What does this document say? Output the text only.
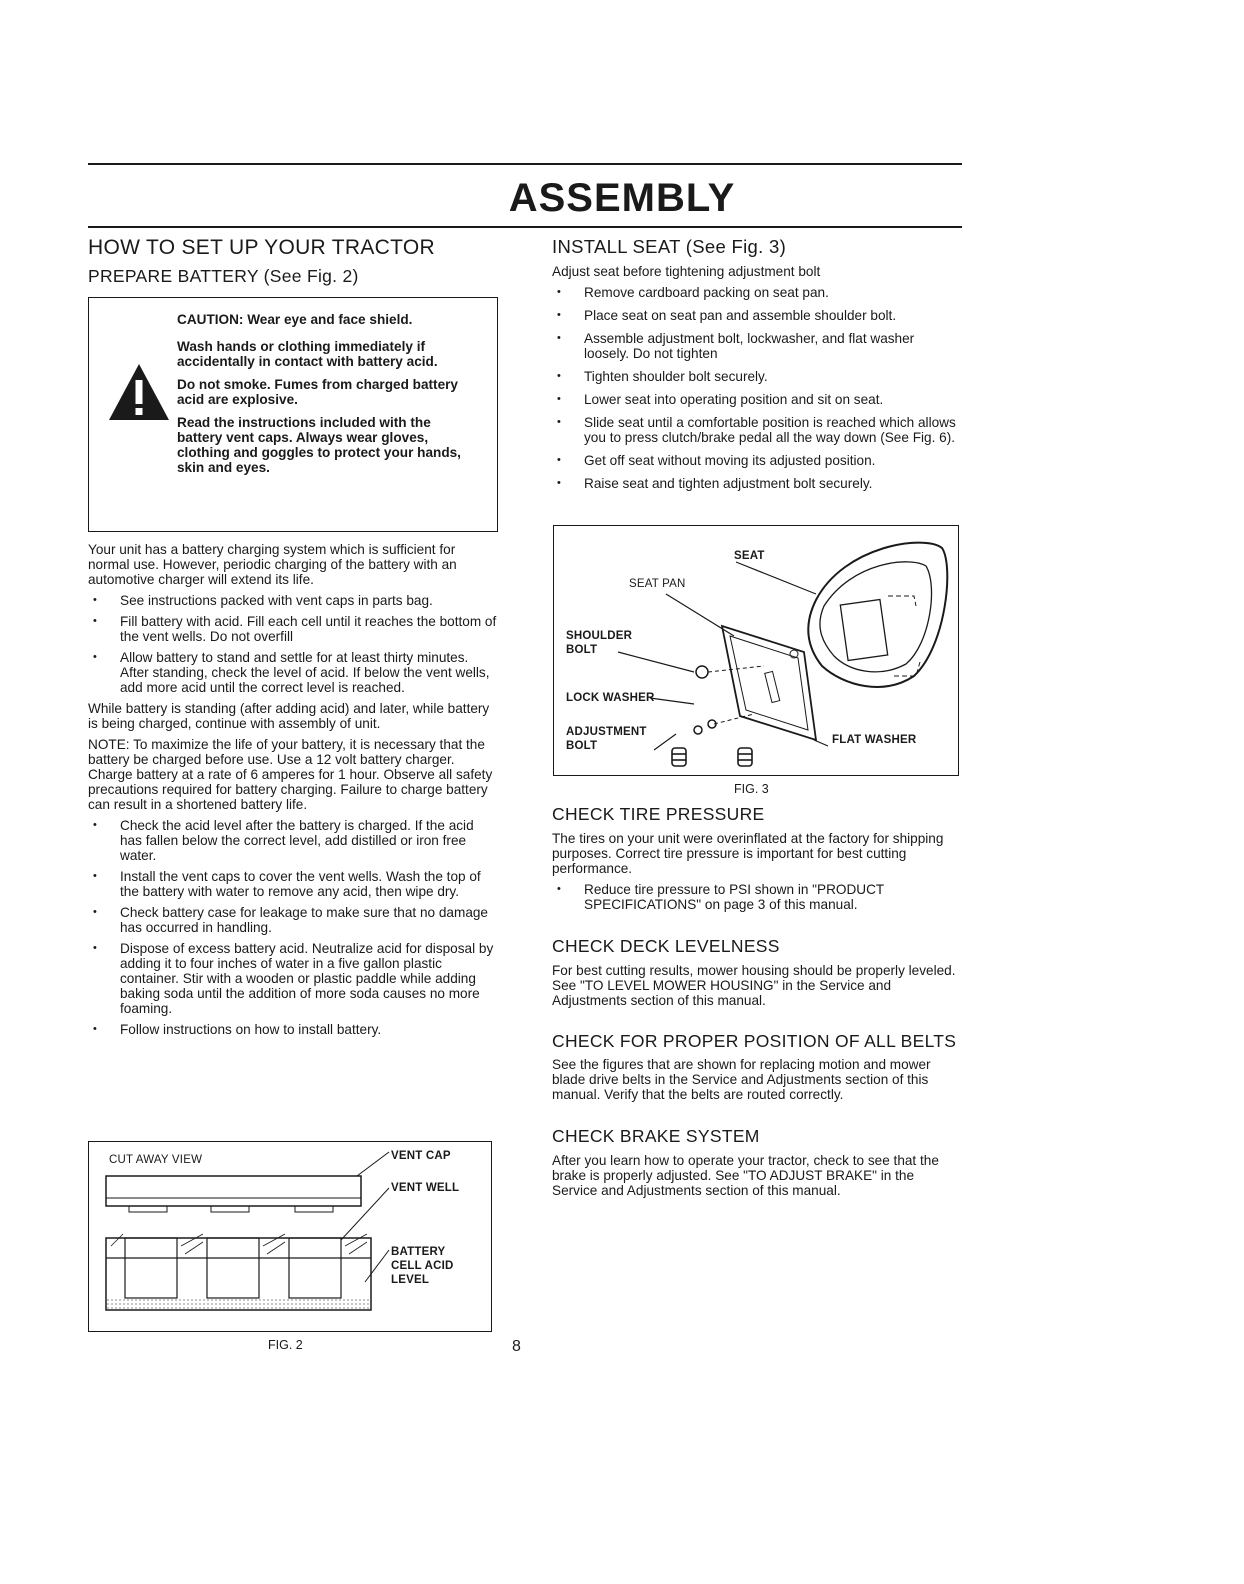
ASSEMBLY
HOW TO SET UP YOUR TRACTOR
PREPARE BATTERY (See Fig. 2)

CAUTION: Wear eye and face shield.

Wash hands or clothing immediately if accidentally in contact with battery acid.

Do not smoke. Fumes from charged battery acid are explosive.

Read the instructions included with the battery vent caps. Always wear gloves, clothing and goggles to protect your hands, skin and eyes.

Your unit has a battery charging system which is sufficient for normal use. However, periodic charging of the battery with an automotive charger will extend its life.

• See instructions packed with vent caps in parts bag.
• Fill battery with acid. Fill each cell until it reaches the bottom of the vent wells. Do not overfill
• Allow battery to stand and settle for at least thirty minutes. After standing, check the level of acid. If below the vent wells, add more acid until the correct level is reached.

While battery is standing (after adding acid) and later, while battery is being charged, continue with assembly of unit.

NOTE: To maximize the life of your battery, it is necessary that the battery be charged before use. Use a 12 volt battery charger. Charge battery at a rate of 6 amperes for 1 hour. Observe all safety precautions required for battery charging. Failure to charge battery can result in a shortened battery life.

• Check the acid level after the battery is charged. If the acid has fallen below the correct level, add distilled or iron free water.
• Install the vent caps to cover the vent wells. Wash the top of the battery with water to remove any acid, then wipe dry.
• Check battery case for leakage to make sure that no damage has occurred in handling.
• Dispose of excess battery acid. Neutralize acid for disposal by adding it to four inches of water in a five gallon plastic container. Stir with a wooden or plastic paddle while adding baking soda until the addition of more soda causes no more foaming.
• Follow instructions on how to install battery.
CUT AWAY VIEW	VENT CAP
VENT WELL
BATTERY
CELL ACID
LEVEL
FIG. 2	8
INSTALL SEAT (See Fig. 3)

Adjust seat before tightening adjustment bolt

• Remove cardboard packing on seat pan.
• Place seat on seat pan and assemble shoulder bolt.
• Assemble adjustment bolt, lockwasher, and flat washer loosely. Do not tighten
• Tighten shoulder bolt securely.
• Lower seat into operating position and sit on seat.
• Slide seat until a comfortable position is reached which allows you to press clutch/brake pedal all the way down (See Fig. 6).
• Get off seat without moving its adjusted position.
• Raise seat and tighten adjustment bolt securely.
SEAT
SEAT PAN
SHOULDER
BOLT
LOCK WASHER
ADJUSTMENT
BOLT	FLAT WASHER
FIG. 3
CHECK TIRE PRESSURE

The tires on your unit were overinflated at the factory for shipping purposes. Correct tire pressure is important for best cutting performance.

• Reduce tire pressure to PSI shown in "PRODUCT SPECIFICATIONS" on page 3 of this manual.
CHECK DECK LEVELNESS

For best cutting results, mower housing should be properly leveled. See "TO LEVEL MOWER HOUSING" in the Service and Adjustments section of this manual.

CHECK FOR PROPER POSITION OF ALL BELTS

See the figures that are shown for replacing motion and mower blade drive belts in the Service and Adjustments section of this manual. Verify that the belts are routed correctly.

CHECK BRAKE SYSTEM

After you learn how to operate your tractor, check to see that the brake is properly adjusted. See "TO ADJUST BRAKE" in the Service and Adjustments section of this manual.
